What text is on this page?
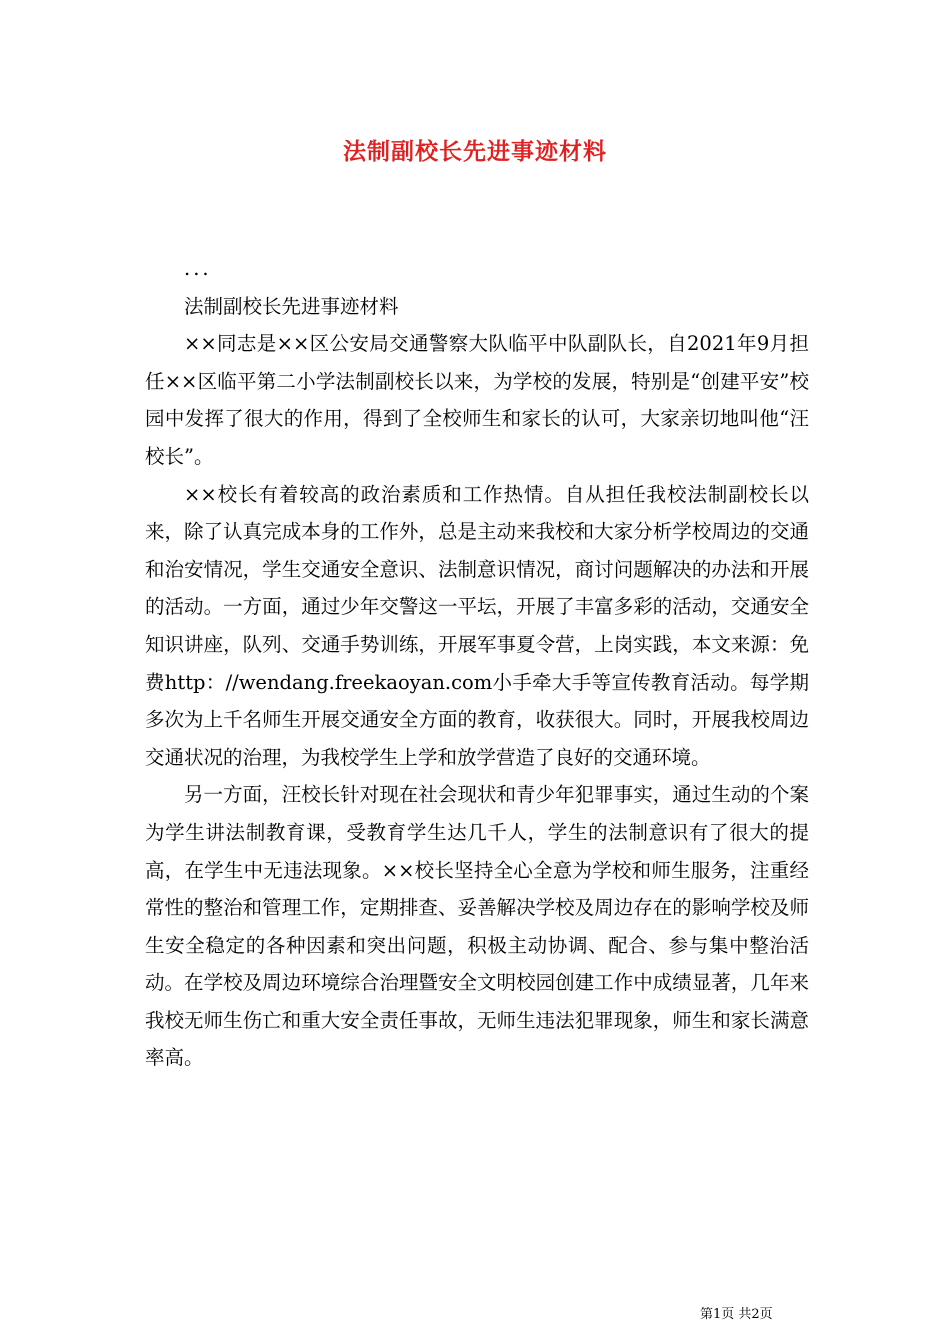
法制副校长先进事迹材料

...

法制副校长先进事迹材料

××同志是××区公安局交通警察大队临平中队副队长，自2021年9月担任××区临平第二小学法制副校长以来，为学校的发展，特别是“创建平安”校园中发挥了很大的作用，得到了全校师生和家长的认可，大家亲切地叫他“汪校长”。

××校长有着较高的政治素质和工作热情。自从担任我校法制副校长以来，除了认真完成本身的工作外，总是主动来我校和大家分析学校周边的交通和治安情况，学生交通安全意识、法制意识情况，商讨问题解决的办法和开展的活动。一方面，通过少年交警这一平坛，开展了丰富多彩的活动，交通安全知识讲座，队列、交通手势训练，开展军事夏令营，上岗实践，本文来源：免费http：//wendang.freekaoyan.com小手牵大手等宣传教育活动。每学期多次为上千名师生开展交通安全方面的教育，收获很大。同时，开展我校周边交通状况的治理，为我校学生上学和放学营造了良好的交通环境。

另一方面，汪校长针对现在社会现状和青少年犯罪事实，通过生动的个案为学生讲法制教育课，受教育学生达几千人，学生的法制意识有了很大的提高，在学生中无违法现象。××校长坚持全心全意为学校和师生服务，注重经常性的整治和管理工作，定期排查、妥善解决学校及周边存在的影响学校及师生安全稳定的各种因素和突出问题，积极主动协调、配合、参与集中整治活动。在学校及周边环境综合治理暨安全文明校园创建工作中成绩显著，几年来我校无师生伤亡和重大安全责任事故，无师生违法犯罪现象，师生和家长满意率高。

第1页 共2页
